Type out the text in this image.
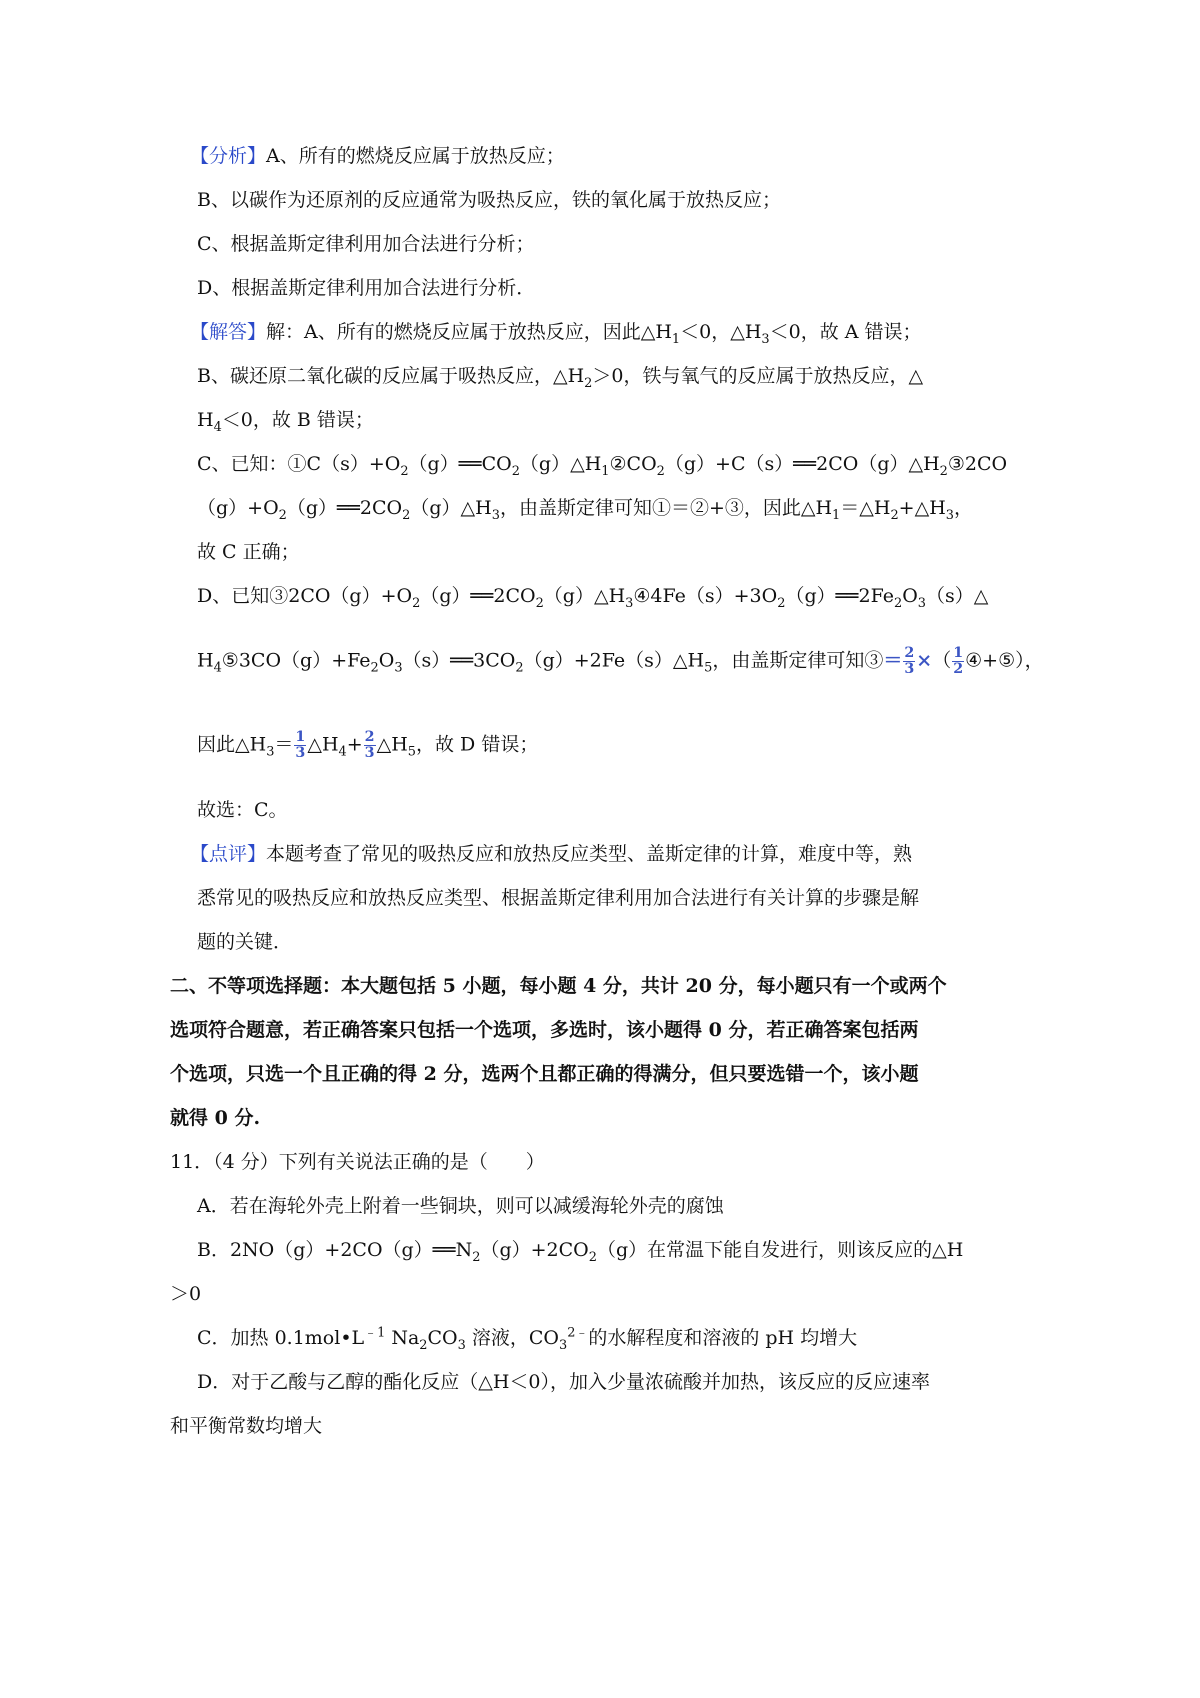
【分析】A、所有的燃烧反应属于放热反应；
B、以碳作为还原剂的反应通常为吸热反应，铁的氧化属于放热反应；
C、根据盖斯定律利用加合法进行分析；
D、根据盖斯定律利用加合法进行分析．
【解答】解：A、所有的燃烧反应属于放热反应，因此$\triangle H_1<0$，$\triangle H_3<0$，故 A 错误；
B、碳还原二氧化碳的反应属于吸热反应，$\triangle H_2>0$，铁与氧气的反应属于放热反应，△
$H_4<0$，故 B 错误；
C、已知：$①C(s)+O_2(g)══CO_2(g)\triangle H_1②CO_2(g)+C(s)══2CO(g)\triangle H_2③2CO$
$(g)+O_2(g)══2CO_2(g)\triangle H_3$，由盖斯定律可知①＝②+③，因此$\triangle H_1=\triangle H_2+\triangle H_3$，
故 C 正确；
D、已知$③2CO(g)+O_2(g)══2CO_2(g)\triangle H_3④4Fe(s)+3O_2(g)══2Fe_2O_3(s)\triangle$
$H_4⑤3CO(g)+Fe_2O_3(s)══3CO_2(g)+2Fe(s)\triangle H_5$，由盖斯定律可知③＝ $\frac{2}{3}$ ×（ $\frac{1}{2}$ ④+⑤），
因此$\triangle H_3= \frac{1}{3}$ $\triangle H_4+ \frac{2}{3}$ $\triangle H_5$，故 D 错误；
故选：C。
【点评】本题考查了常见的吸热反应和放热反应类型、盖斯定律的计算，难度中等，熟
悉常见的吸热反应和放热反应类型、根据盖斯定律利用加合法进行有关计算的步骤是解
题的关键．
二、不等项选择题：本大题包括 5 小题，每小题 4 分，共计 20 分，每小题只有一个或两个
选项符合题意，若正确答案只包括一个选项，多选时，该小题得 0 分，若正确答案包括两
个选项，只选一个且正确的得 2 分，选两个且都正确的得满分，但只要选错一个，该小题
就得 0 分.
11．（4 分）下列有关说法正确的是（　　）
A．若在海轮外壳上附着一些铜块，则可以减缓海轮外壳的腐蚀
B．$2NO(g)+2CO(g)══N_2(g)+2CO_2(g)$在常温下能自发进行，则该反应的△H
＞0
C．加热 $0.1mol•L^{﹣1}$ $Na_2CO_3$ 溶液，$CO_3^{2﹣}$的水解程度和溶液的 pH 均增大
D．对于乙酸与乙醇的酯化反应（△H＜0），加入少量浓硫酸并加热，该反应的反应速率
和平衡常数均增大
